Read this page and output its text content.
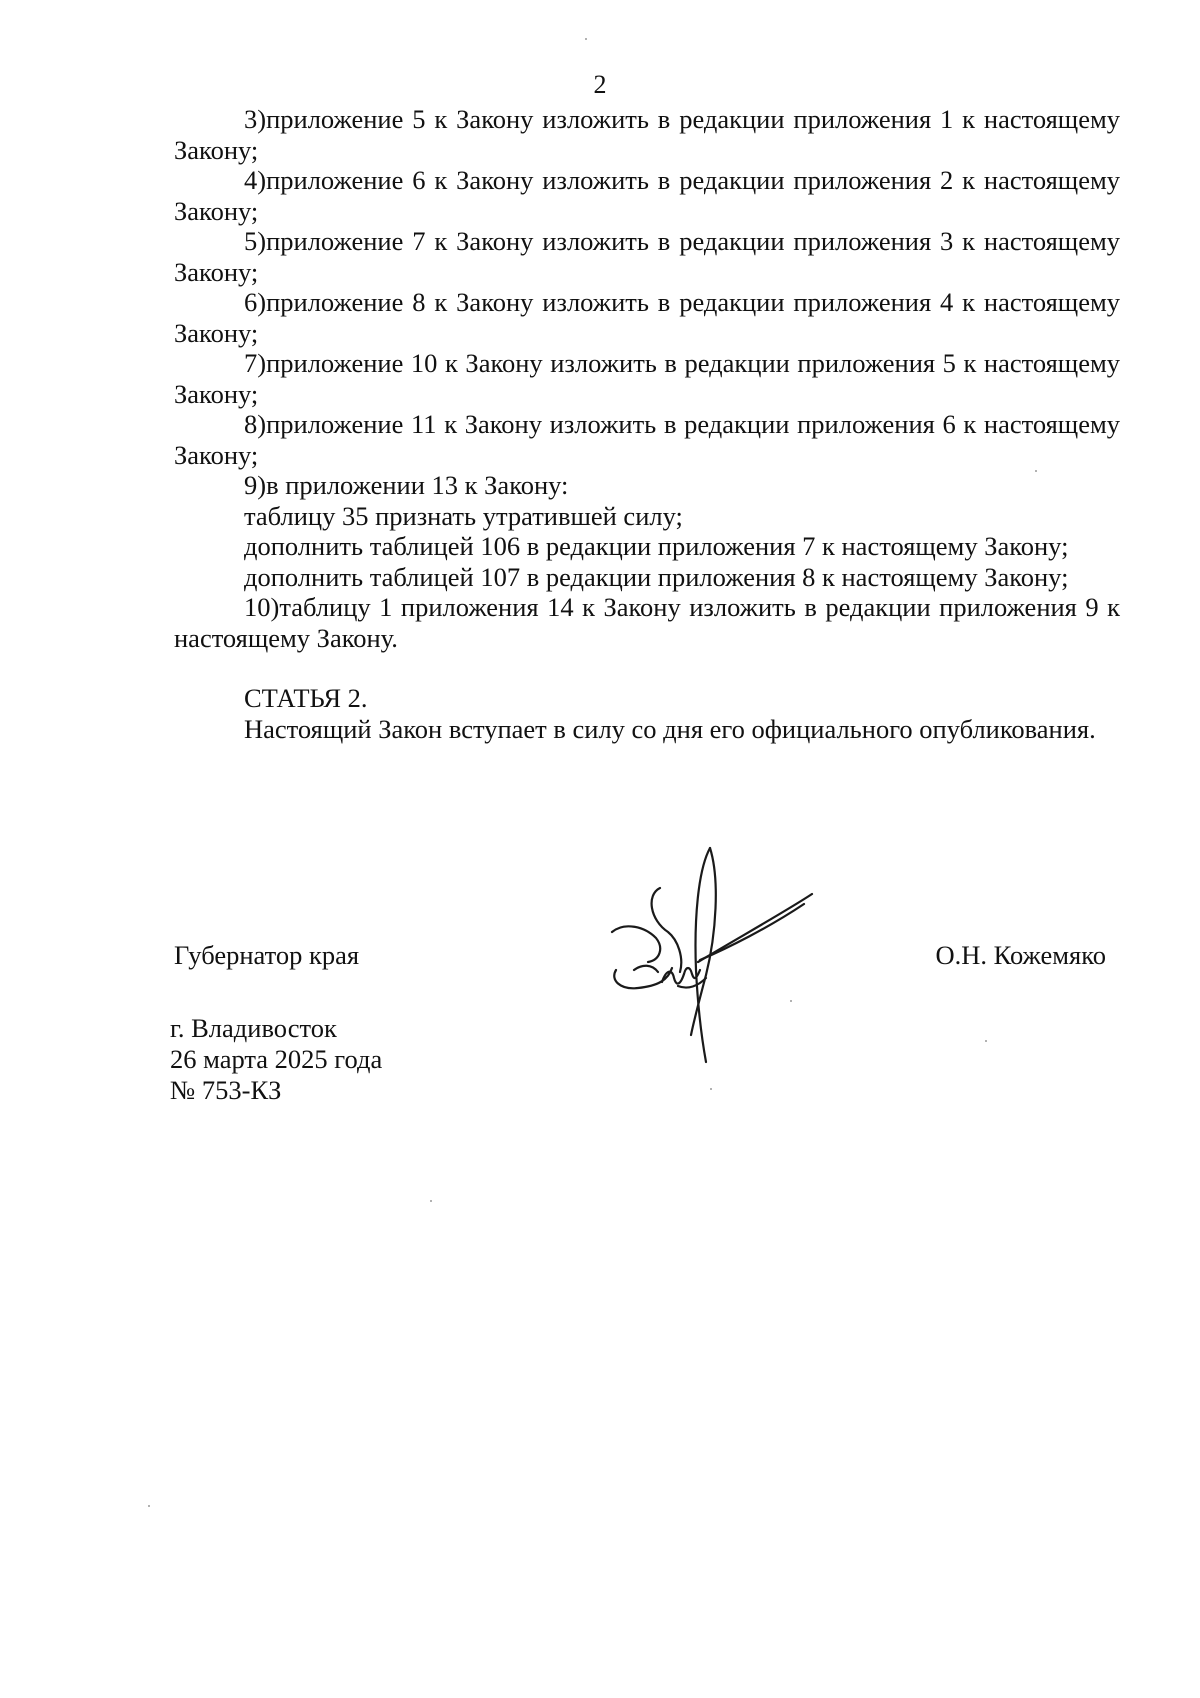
2

3)приложение 5 к Закону изложить в редакции приложения 1 к настоящему Закону;

4)приложение 6 к Закону изложить в редакции приложения 2 к настоящему Закону;

5)приложение 7 к Закону изложить в редакции приложения 3 к настоящему Закону;

6)приложение 8 к Закону изложить в редакции приложения 4 к настоящему Закону;

7)приложение 10 к Закону изложить в редакции приложения 5 к настоящему Закону;

8)приложение 11 к Закону изложить в редакции приложения 6 к настоящему Закону;

9)в приложении 13 к Закону:

таблицу 35 признать утратившей силу;

дополнить таблицей 106 в редакции приложения 7 к настоящему Закону;

дополнить таблицей 107 в редакции приложения 8 к настоящему Закону;

10)таблицу 1 приложения 14 к Закону изложить в редакции приложения 9 к настоящему Закону.

СТАТЬЯ 2.

Настоящий Закон вступает в силу со дня его официального опубликования.

Губернатор края	О.Н. Кожемяко
г. Владивосток
26 марта 2025 года
№ 753-КЗ
